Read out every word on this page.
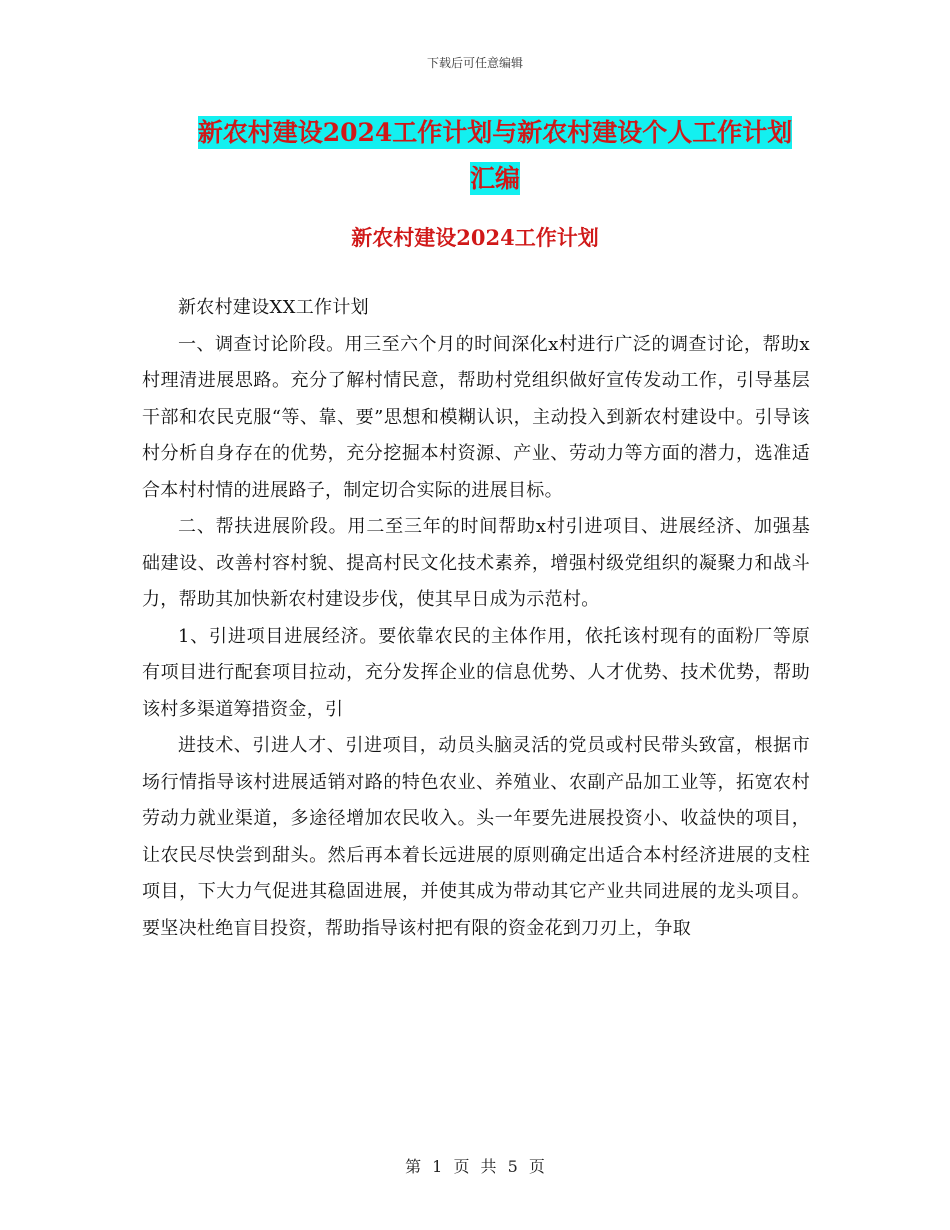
下载后可任意编辑
新农村建设2024工作计划与新农村建设个人工作计划
汇编
新农村建设2024工作计划

新农村建设XX工作计划

一、调查讨论阶段。用三至六个月的时间深化x村进行广泛的调查讨论，帮助x村理清进展思路。充分了解村情民意，帮助村党组织做好宣传发动工作，引导基层干部和农民克服“等、靠、要”思想和模糊认识，主动投入到新农村建设中。引导该村分析自身存在的优势，充分挖掘本村资源、产业、劳动力等方面的潜力，选准适合本村村情的进展路子，制定切合实际的进展目标。

二、帮扶进展阶段。用二至三年的时间帮助x村引进项目、进展经济、加强基础建设、改善村容村貌、提高村民文化技术素养，增强村级党组织的凝聚力和战斗力，帮助其加快新农村建设步伐，使其早日成为示范村。

1、引进项目进展经济。要依靠农民的主体作用，依托该村现有的面粉厂等原有项目进行配套项目拉动，充分发挥企业的信息优势、人才优势、技术优势，帮助该村多渠道筹措资金，引

进技术、引进人才、引进项目，动员头脑灵活的党员或村民带头致富，根据市场行情指导该村进展适销对路的特色农业、养殖业、农副产品加工业等，拓宽农村劳动力就业渠道，多途径增加农民收入。头一年要先进展投资小、收益快的项目，让农民尽快尝到甜头。然后再本着长远进展的原则确定出适合本村经济进展的支柱项目，下大力气促进其稳固进展，并使其成为带动其它产业共同进展的龙头项目。要坚决杜绝盲目投资，帮助指导该村把有限的资金花到刀刃上，争取

第 1 页 共 5 页
